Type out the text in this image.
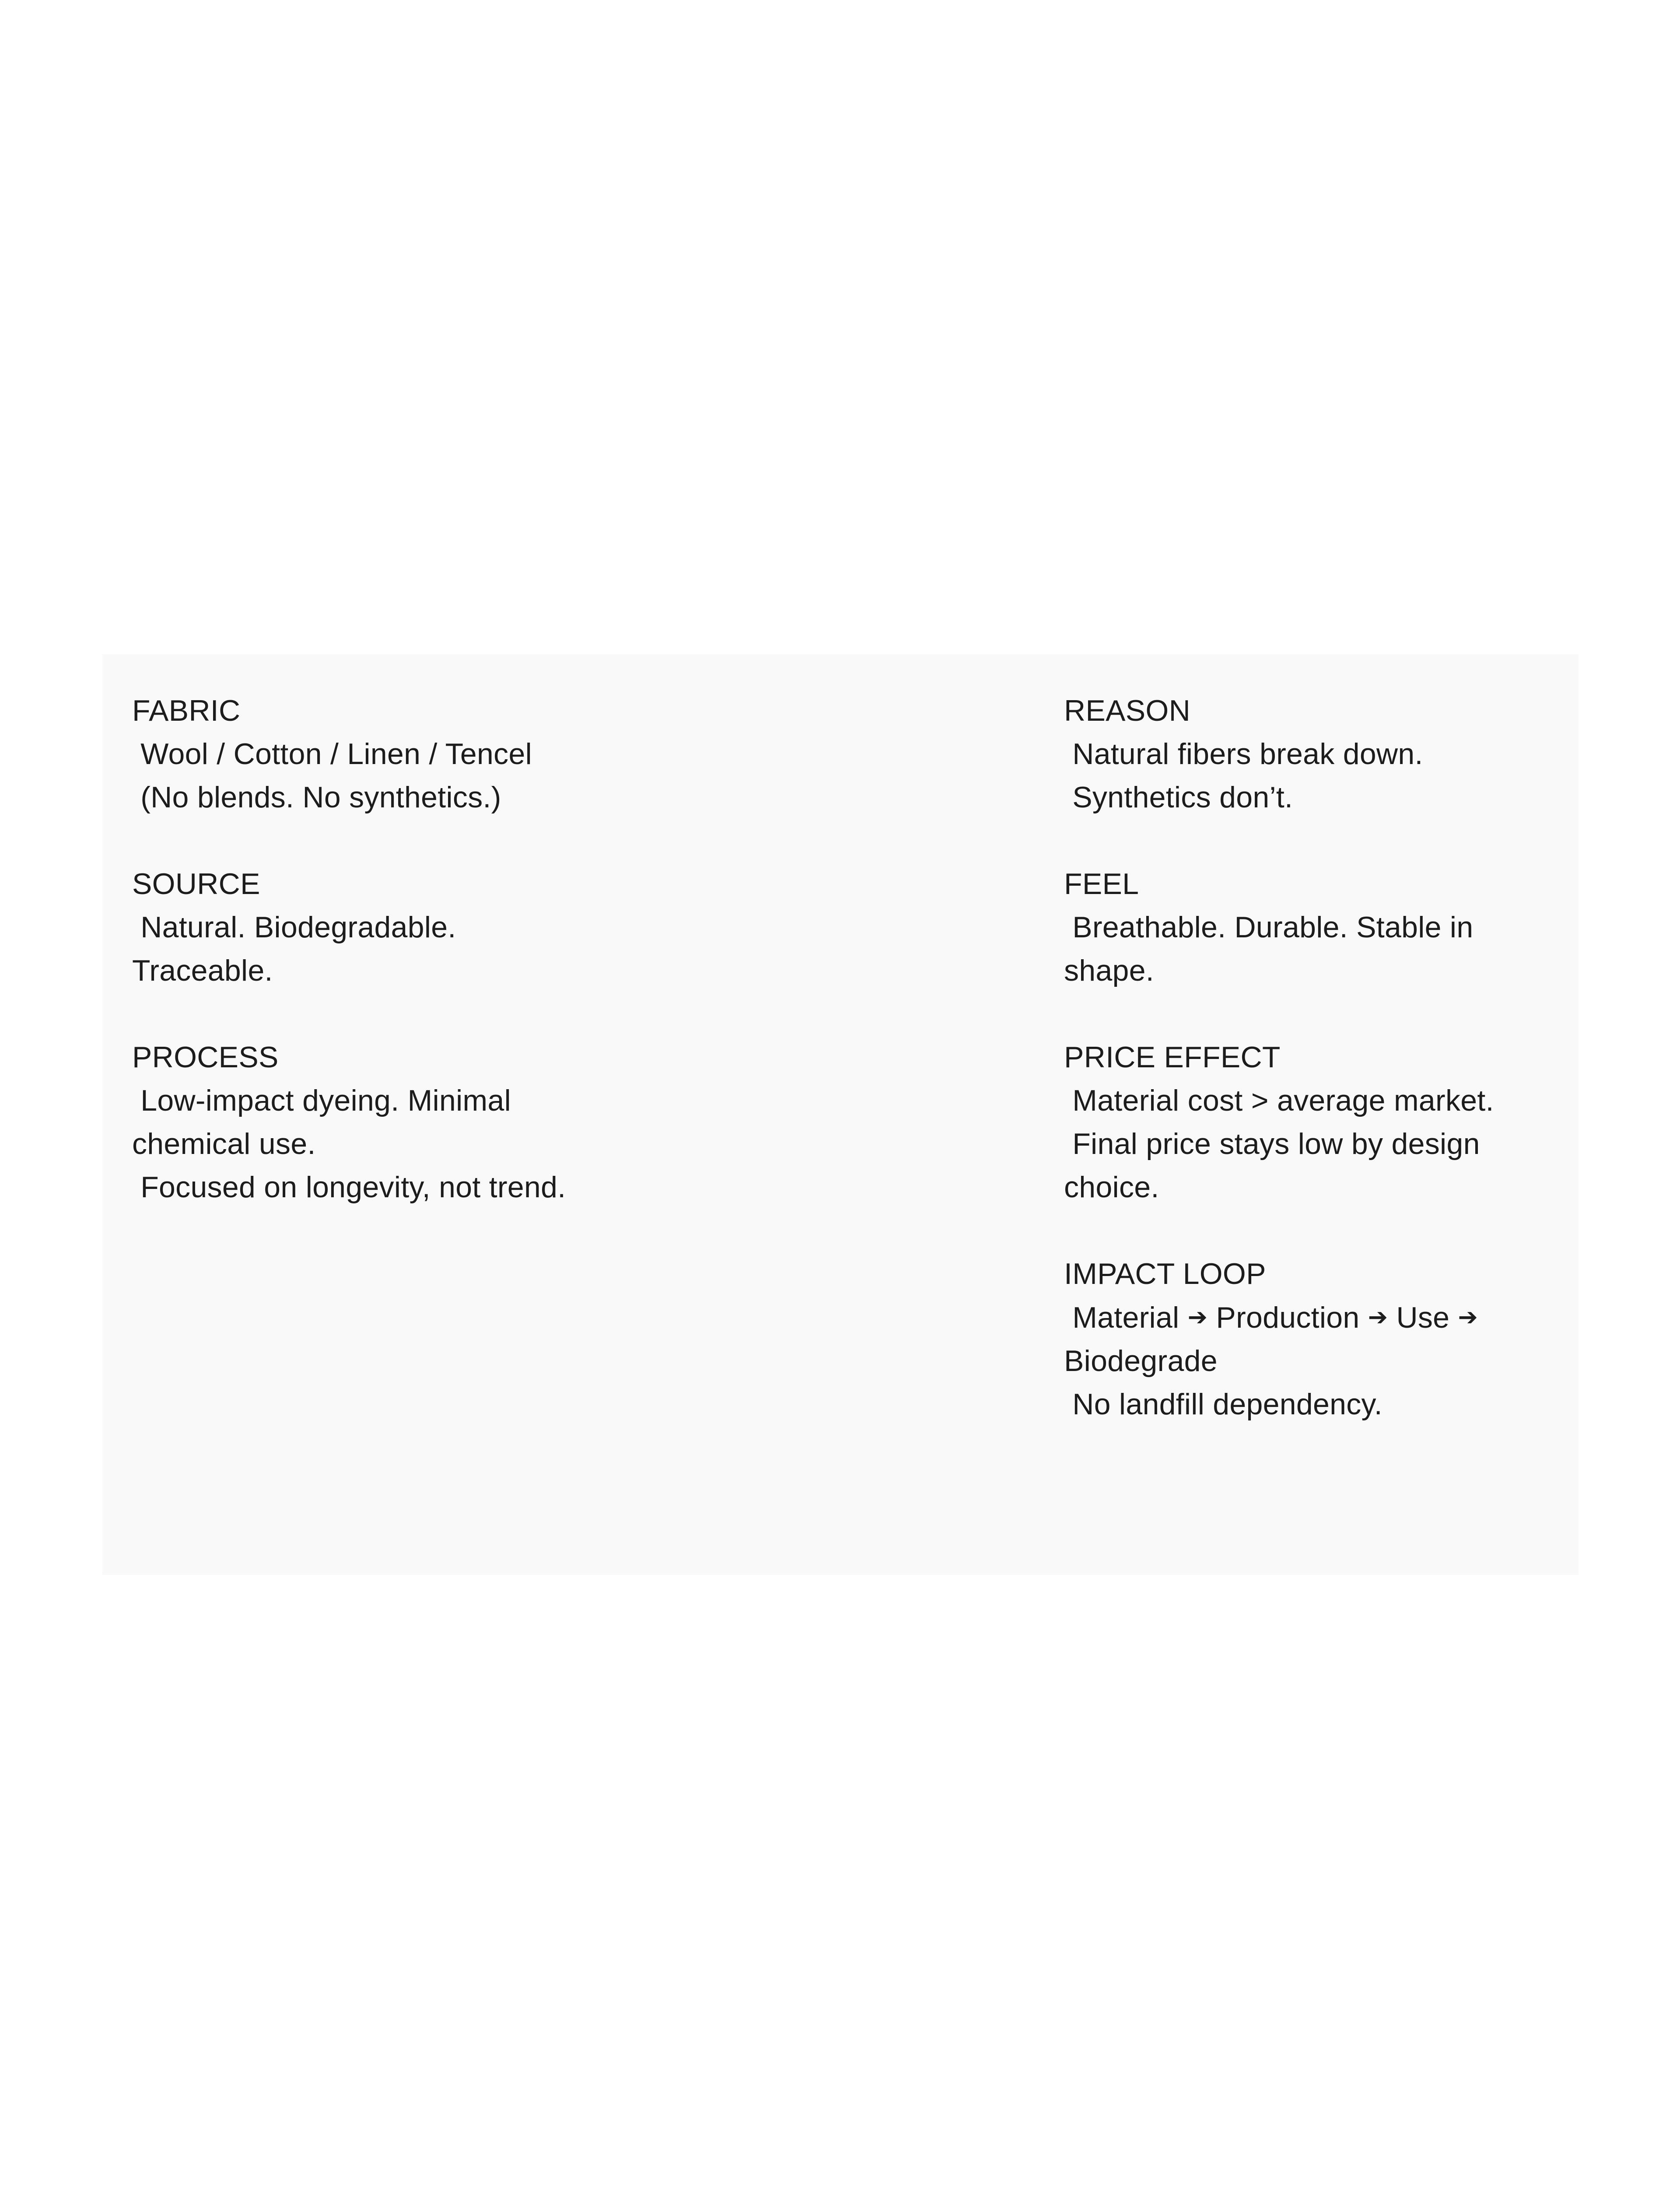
FABRIC
Wool / Cotton / Linen / Tencel
(No blends. No synthetics.)
SOURCE
Natural. Biodegradable.
Traceable.
PROCESS
Low-impact dyeing. Minimal
chemical use.
Focused on longevity, not trend.
REASON
Natural fibers break down.
Synthetics don’t.
FEEL
Breathable. Durable. Stable in
shape.
PRICE EFFECT
Material cost > average market.
Final price stays low by design
choice.
IMPACT LOOP
Material ➔ Production ➔ Use ➔
Biodegrade
No landfill dependency.
